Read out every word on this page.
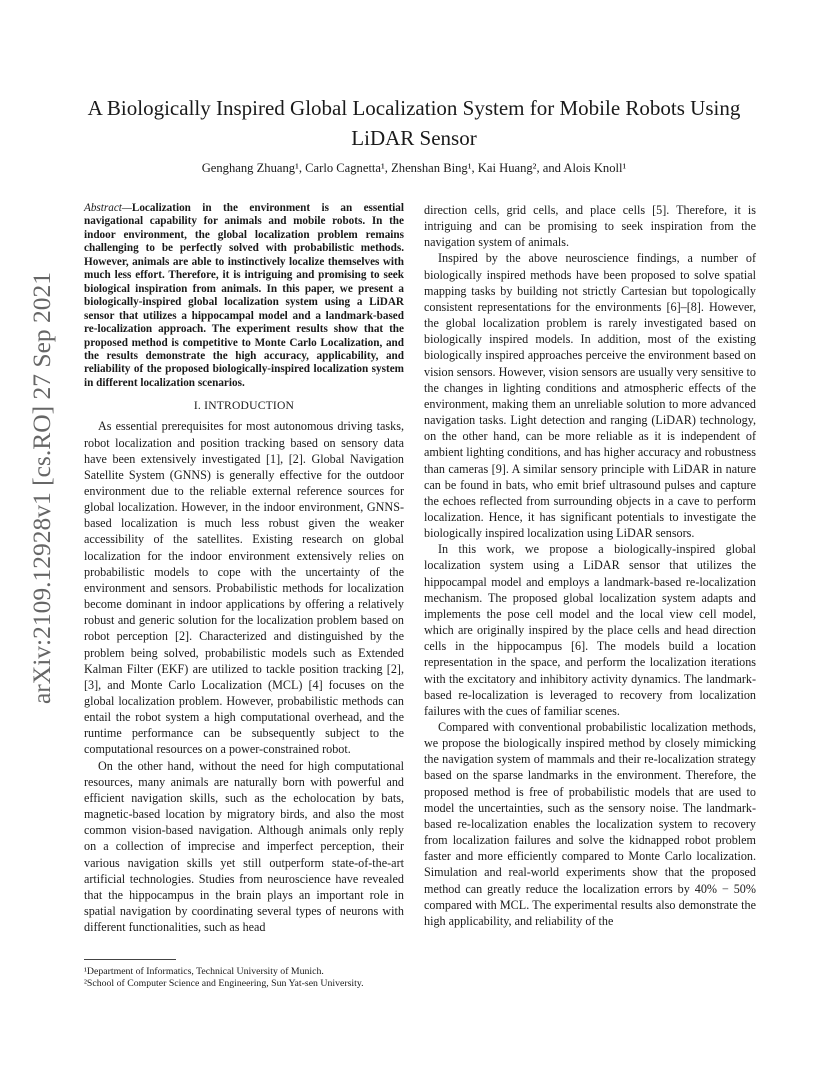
arXiv:2109.12928v1 [cs.RO] 27 Sep 2021
A Biologically Inspired Global Localization System for Mobile Robots Using LiDAR Sensor
Genghang Zhuang¹, Carlo Cagnetta¹, Zhenshan Bing¹, Kai Huang², and Alois Knoll¹

Abstract—Localization in the environment is an essential navigational capability for animals and mobile robots. In the indoor environment, the global localization problem remains challenging to be perfectly solved with probabilistic methods. However, animals are able to instinctively localize themselves with much less effort. Therefore, it is intriguing and promising to seek biological inspiration from animals. In this paper, we present a biologically-inspired global localization system using a LiDAR sensor that utilizes a hippocampal model and a landmark-based re-localization approach. The experiment results show that the proposed method is competitive to Monte Carlo Localization, and the results demonstrate the high accuracy, applicability, and reliability of the proposed biologically-inspired localization system in different localization scenarios.

I. INTRODUCTION

As essential prerequisites for most autonomous driving tasks, robot localization and position tracking based on sensory data have been extensively investigated [1], [2]. Global Navigation Satellite System (GNNS) is generally effective for the outdoor environment due to the reliable external reference sources for global localization. However, in the indoor environment, GNNS-based localization is much less robust given the weaker accessibility of the satellites. Existing research on global localization for the indoor environment extensively relies on probabilistic models to cope with the uncertainty of the environment and sensors. Probabilistic methods for localization become dominant in indoor applications by offering a relatively robust and generic solution for the localization problem based on robot perception [2]. Characterized and distinguished by the problem being solved, probabilistic models such as Extended Kalman Filter (EKF) are utilized to tackle position tracking [2], [3], and Monte Carlo Localization (MCL) [4] focuses on the global localization problem. However, probabilistic methods can entail the robot system a high computational overhead, and the runtime performance can be subsequently subject to the computational resources on a power-constrained robot.

On the other hand, without the need for high computational resources, many animals are naturally born with powerful and efficient navigation skills, such as the echolocation by bats, magnetic-based location by migratory birds, and also the most common vision-based navigation. Although animals only reply on a collection of imprecise and imperfect perception, their various navigation skills yet still outperform state-of-the-art artificial technologies. Studies from neuroscience have revealed that the hippocampus in the brain plays an important role in spatial navigation by coordinating several types of neurons with different functionalities, such as head

direction cells, grid cells, and place cells [5]. Therefore, it is intriguing and can be promising to seek inspiration from the navigation system of animals.

Inspired by the above neuroscience findings, a number of biologically inspired methods have been proposed to solve spatial mapping tasks by building not strictly Cartesian but topologically consistent representations for the environments [6]–[8]. However, the global localization problem is rarely investigated based on biologically inspired models. In addition, most of the existing biologically inspired approaches perceive the environment based on vision sensors. However, vision sensors are usually very sensitive to the changes in lighting conditions and atmospheric effects of the environment, making them an unreliable solution to more advanced navigation tasks. Light detection and ranging (LiDAR) technology, on the other hand, can be more reliable as it is independent of ambient lighting conditions, and has higher accuracy and robustness than cameras [9]. A similar sensory principle with LiDAR in nature can be found in bats, who emit brief ultrasound pulses and capture the echoes reflected from surrounding objects in a cave to perform localization. Hence, it has significant potentials to investigate the biologically inspired localization using LiDAR sensors.

In this work, we propose a biologically-inspired global localization system using a LiDAR sensor that utilizes the hippocampal model and employs a landmark-based re-localization mechanism. The proposed global localization system adapts and implements the pose cell model and the local view cell model, which are originally inspired by the place cells and head direction cells in the hippocampus [6]. The models build a location representation in the space, and perform the localization iterations with the excitatory and inhibitory activity dynamics. The landmark-based re-localization is leveraged to recovery from localization failures with the cues of familiar scenes.

Compared with conventional probabilistic localization methods, we propose the biologically inspired method by closely mimicking the navigation system of mammals and their re-localization strategy based on the sparse landmarks in the environment. Therefore, the proposed method is free of probabilistic models that are used to model the uncertainties, such as the sensory noise. The landmark-based re-localization enables the localization system to recovery from localization failures and solve the kidnapped robot problem faster and more efficiently compared to Monte Carlo localization. Simulation and real-world experiments show that the proposed method can greatly reduce the localization errors by 40% − 50% compared with MCL. The experimental results also demonstrate the high applicability, and reliability of the

¹Department of Informatics, Technical University of Munich.
²School of Computer Science and Engineering, Sun Yat-sen University.
